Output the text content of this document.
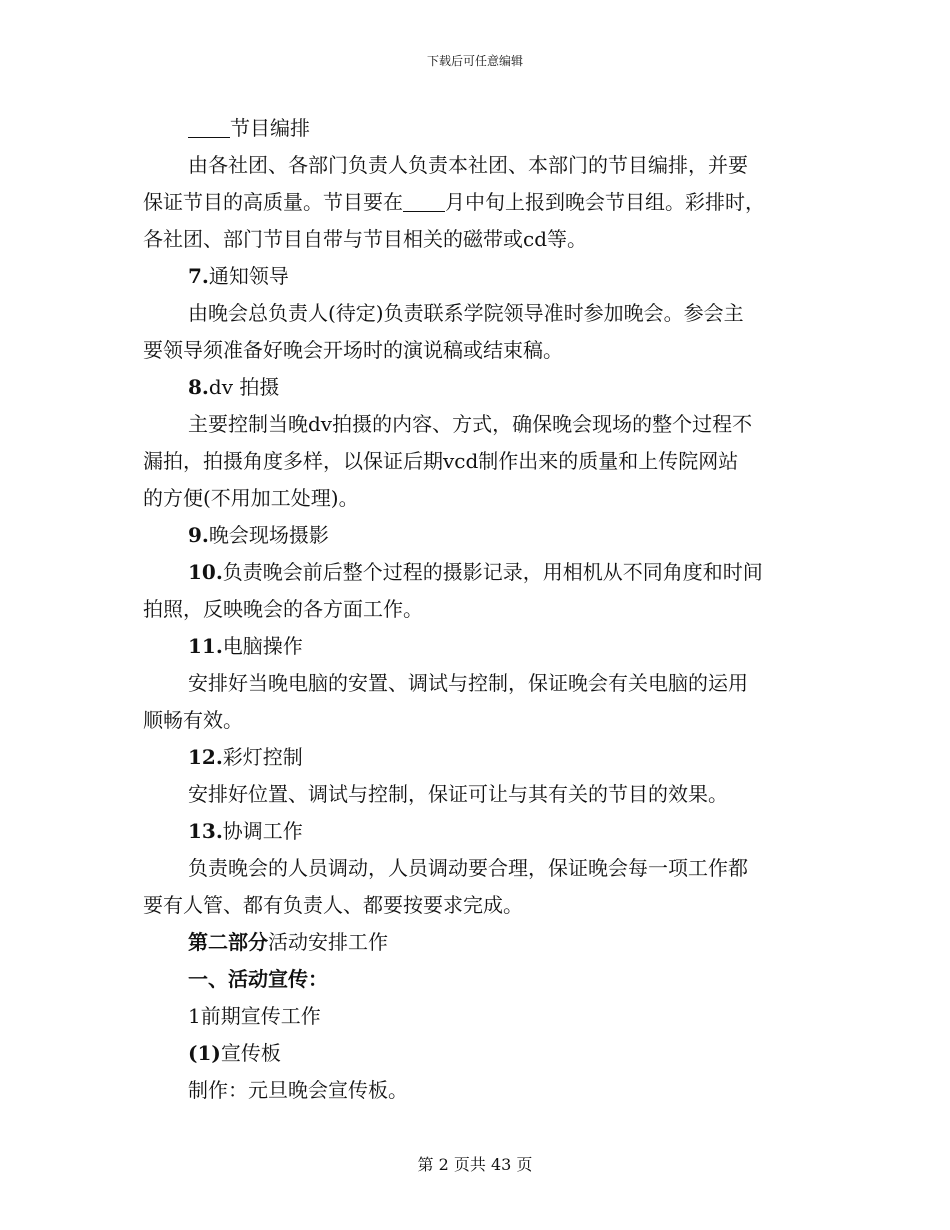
下载后可任意编辑

节目编排

由各社团、各部门负责人负责本社团、本部门的节目编排，并要

保证节目的高质量。节目要在 月中旬上报到晚会节目组。彩排时，

各社团、部门节目自带与节目相关的磁带或cd等。

7.通知领导

由晚会总负责人(待定)负责联系学院领导准时参加晚会。参会主

要领导须准备好晚会开场时的演说稿或结束稿。

8.dv 拍摄

主要控制当晚dv拍摄的内容、方式，确保晚会现场的整个过程不

漏拍，拍摄角度多样，以保证后期vcd制作出来的质量和上传院网站

的方便(不用加工处理)。

9.晚会现场摄影

10.负责晚会前后整个过程的摄影记录，用相机从不同角度和时间

拍照，反映晚会的各方面工作。

11.电脑操作

安排好当晚电脑的安置、调试与控制，保证晚会有关电脑的运用

顺畅有效。

12.彩灯控制

安排好位置、调试与控制，保证可让与其有关的节目的效果。

13.协调工作

负责晚会的人员调动，人员调动要合理，保证晚会每一项工作都

要有人管、都有负责人、都要按要求完成。

第二部分活动安排工作

一、活动宣传：

1前期宣传工作

(1)宣传板

制作：元旦晚会宣传板。

第 2 页共 43 页
